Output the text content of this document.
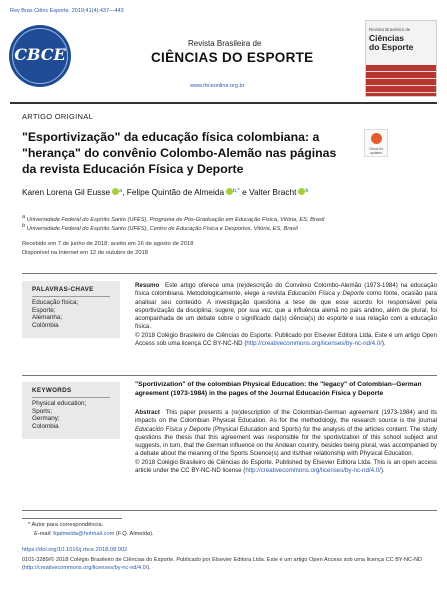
Rev Bras Ciênc Esporte. 2019;41(4):437---443
CBCE
Revista Brasileira de
CIÊNCIAS DO ESPORTE
www.rbceonline.org.br
Revista Brasileira de
Ciências
do Esporte
ARTIGO ORIGINAL
"Esportivização" da educação física colombiana: a
"herança" do convênio Colombo-Alemão nas páginas
da revista Educación Física y Deporte
Check for updates
Karen Lorena Gil Eusse $^a$, Felipe Quintão de Almeida $^{b,*}$ e Valter Bracht $^b$
a Universidade Federal do Espírito Santo (UFES), Programa de Pós-Graduação em Educação Física, Vitória, ES, Brasil
b Universidade Federal do Espírito Santo (UFES), Centro de Educação Física e Desportos, Vitória, ES, Brasil
Recebido em 7 de junho de 2018; aceito em 16 de agosto de 2018
Disponível na Internet em 12 de outubro de 2018
PALAVRAS-CHAVE
Educação física;
Esporte;
Alemanha;
Colômbia
Resumo Este artigo oferece uma (re)descrição do Convênio Colombo-Alemão (1973-1984) na educação física colombiana. Metodologicamente, elege a revista Educación Física y Deporte como fonte, ocasião para analisar seu conteúdo. A investigação questiona a tese de que esse acordo foi responsável pela esportivização da disciplina; sugere, por sua vez, que a influência alemã no país andino, além de plural, foi acompanhada de um debate sobre o significado da(s) ciência(s) do esporte e sua relação com a educação física.
© 2018 Colégio Brasileiro de Ciências do Esporte. Publicado por Elsevier Editora Ltda. Este é um artigo Open Access sob uma licença CC BY-NC-ND (http://creativecommons.org/licenses/by-nc-nd/4.0/).
KEYWORDS
Physical education;
Sports;
Germany;
Colombia
"Sportivization" of the colombian Physical Education: the "legacy" of Colombian--German agreement (1973-1984) in the pages of the Journal Educación Física y Deporte
Abstract This paper presents a (re)description of the Colombian-German agreement (1973-1984) and its impacts on the Colombian Physical Education. As for the methodology, the research source is the journal Educación Física y Deporte (Physical Education and Sports) for the analysis of the articles content. The study questions the thesis that this agreement was responsible for the sportivization of this school subject and suggests, in turn, that the German influence on the Andean country, besides being plural, was accompanied by a debate about the meaning of the Sports Science(s) and its/their relationship with Physical Education.
© 2018 Colégio Brasileiro de Ciências do Esporte. Published by Elsevier Editora Ltda. This is an open access article under the CC BY-NC-ND license (http://creativecommons.org/licenses/by-nc-nd/4.0/).
* Autor para correspondência.
E-mail: fqalmeida@hotmail.com (F.Q. Almeida).
https://doi.org/10.1016/j.rbce.2018.08.002
0101-3289/© 2018 Colégio Brasileiro de Ciências do Esporte. Publicado por Elsevier Editora Ltda. Este é um artigo Open Access sob uma licença CC BY-NC-ND (http://creativecommons.org/licenses/by-nc-nd/4.0/).
